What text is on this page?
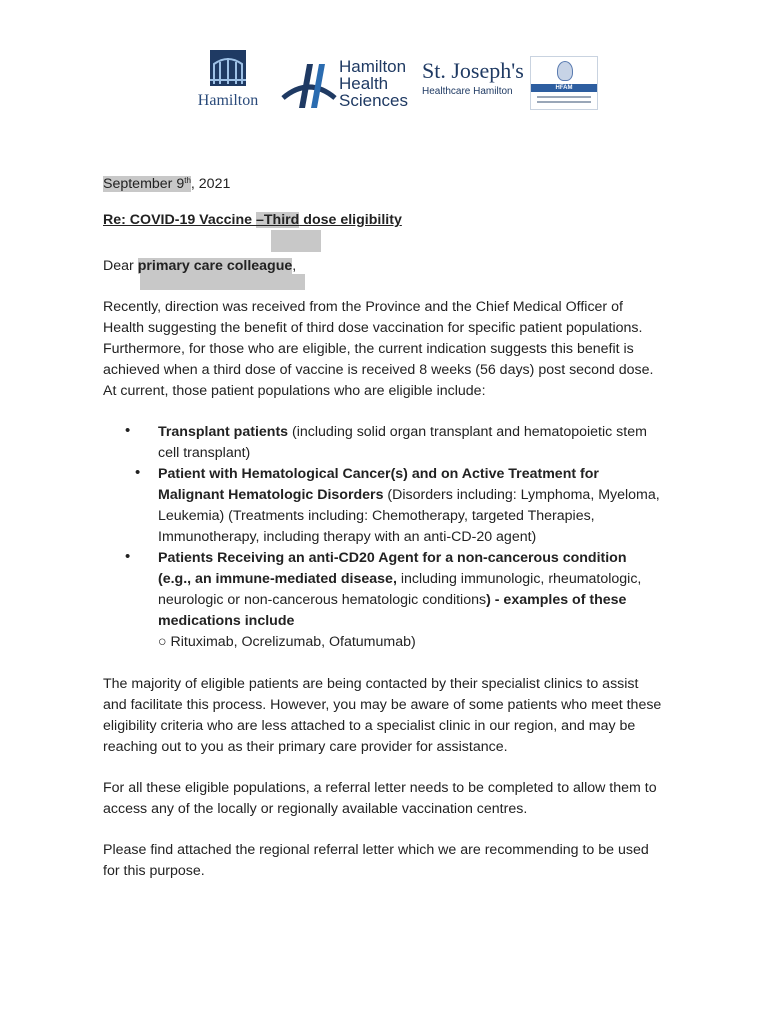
Hamilton
Hamilton
Health
Sciences
St. Joseph's
Healthcare Hamilton	HFAM

September 9th, 2021

Re: COVID-19 Vaccine –Third dose eligibility

Dear primary care colleague,

Recently, direction was received from the Province and the Chief Medical Officer of Health suggesting the benefit of third dose vaccination for specific patient populations. Furthermore, for those who are eligible, the current indication suggests this benefit is achieved when a third dose of vaccine is received 8 weeks (56 days) post second dose. At current, those patient populations who are eligible include:

• Transplant patients (including solid organ transplant and hematopoietic stem cell transplant)
• Patient with Hematological Cancer(s) and on Active Treatment for Malignant Hematologic Disorders (Disorders including: Lymphoma, Myeloma, Leukemia) (Treatments including: Chemotherapy, targeted Therapies, Immunotherapy, including therapy with an anti-CD-20 agent)
• Patients Receiving an anti-CD20 Agent for a non-cancerous condition (e.g., an immune-mediated disease, including immunologic, rheumatologic, neurologic or non-cancerous hematologic conditions) - examples of these medications include
○ Rituximab, Ocrelizumab, Ofatumumab)

The majority of eligible patients are being contacted by their specialist clinics to assist and facilitate this process. However, you may be aware of some patients who meet these eligibility criteria who are less attached to a specialist clinic in our region, and may be reaching out to you as their primary care provider for assistance.

For all these eligible populations, a referral letter needs to be completed to allow them to access any of the locally or regionally available vaccination centres.

Please find attached the regional referral letter which we are recommending to be used for this purpose.
